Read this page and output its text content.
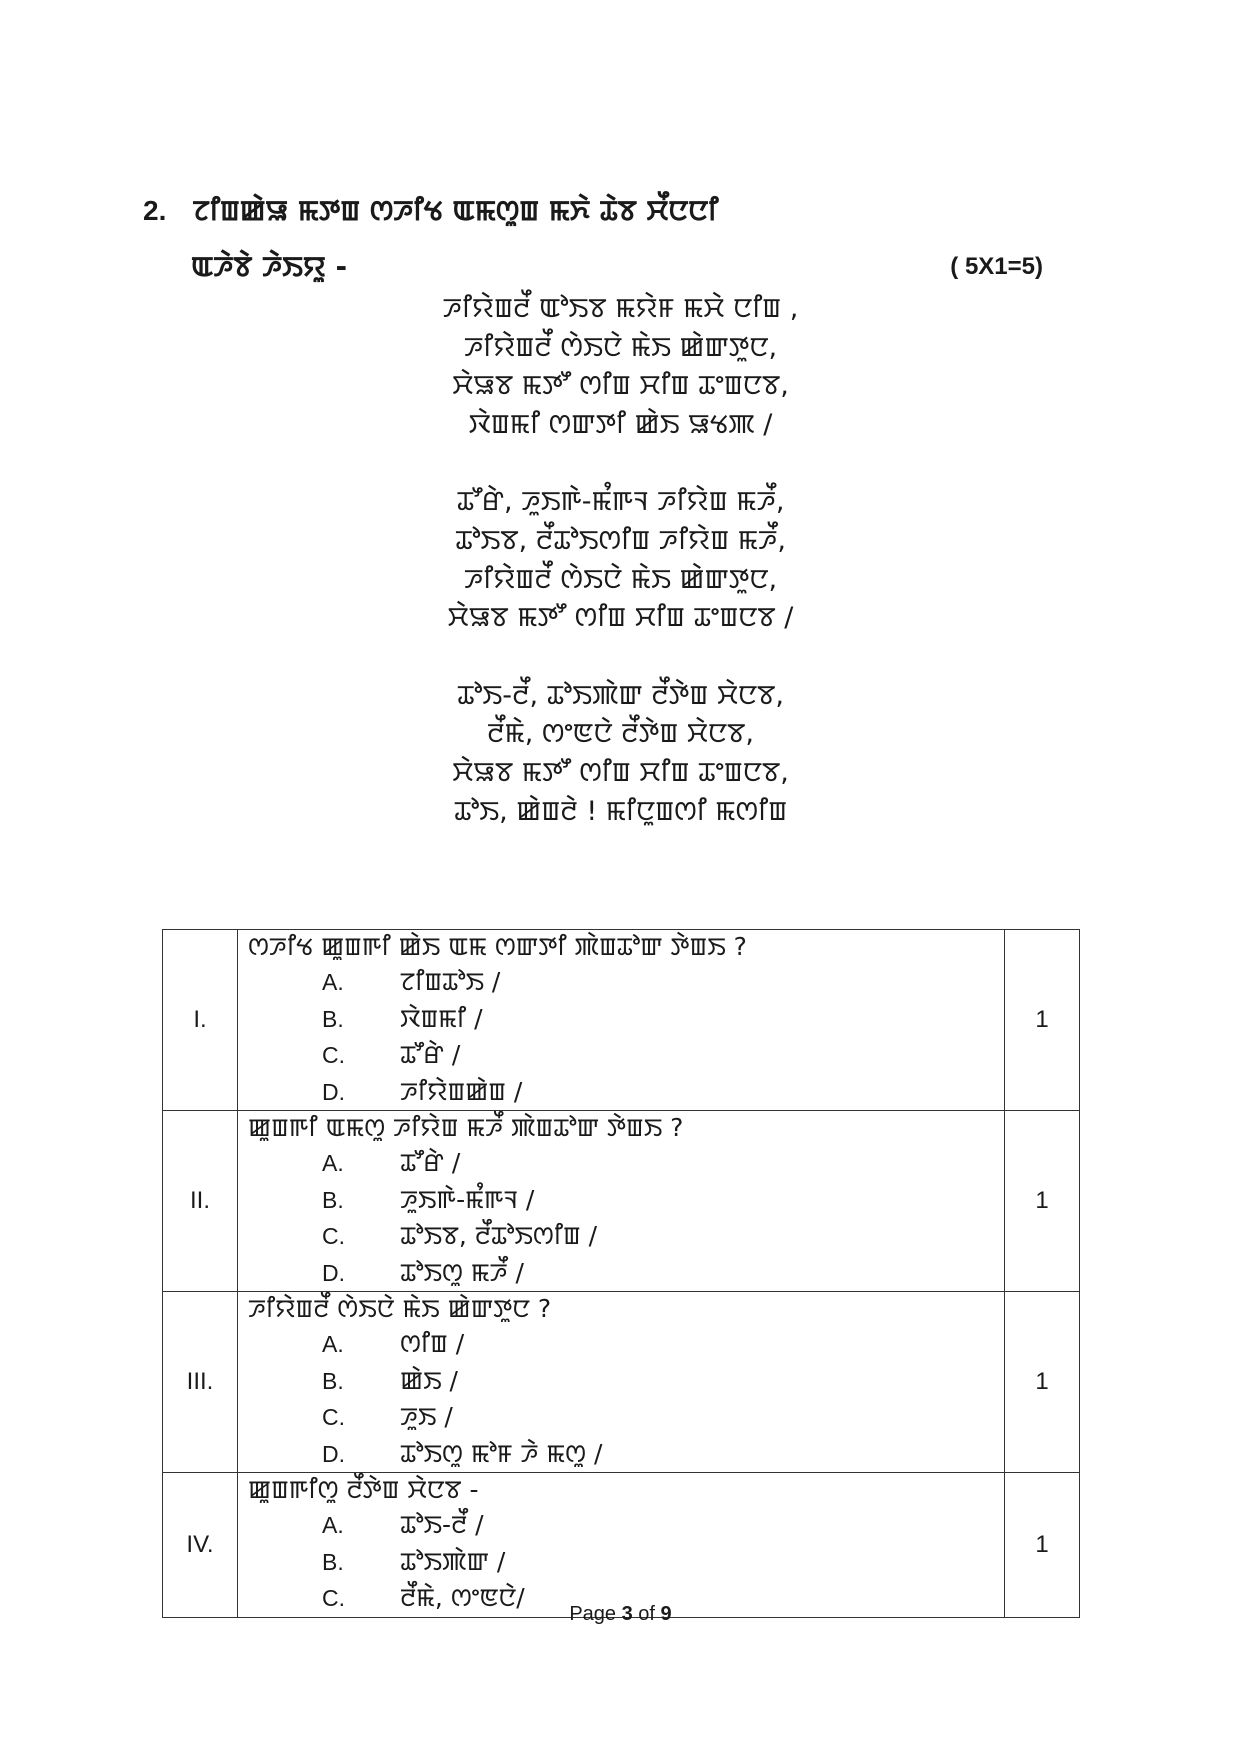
2. ꯖꯤꯡꯀꯥꯎ ꯃꯇꯡ ꯁꯍꯤꯠ ꯑꯃꯁꯨꯡ ꯃꯈꯥ ꯊꯥꯕ ꯆꯩꯅꯅꯤ
ꯑꯍꯥꯕꯥ ꯍꯥꯏꯌꯨ -	( 5X1=5)
ꯍꯤꯌꯥꯡꯂꯩ ꯑꯣꯏꯕ ꯃꯌꯥꯝ ꯃꯆꯥ ꯅꯤꯡ ,
ꯍꯤꯌꯥꯡꯂꯩ ꯁꯥꯏꯅꯥ ꯃꯥꯏ ꯀꯥꯛꯇꯨꯅ,
ꯆꯥꯎꯕ ꯃꯇꯧ ꯁꯤꯡ ꯆꯤꯡ ꯊꯦꯡꯅꯕ,
ꯋꯥꯡꯃꯤ ꯁꯛꯇꯤ ꯀꯥꯏ ꯎꯠꯄ /
ꯊꯧꯔꯥ, ꯍꯨꯏꯒꯥ-ꯃꯪꯒꯜ ꯍꯤꯌꯥꯡ ꯃꯍꯩ,
ꯊꯣꯏꯕ, ꯂꯩꯊꯣꯏꯁꯤꯡ ꯍꯤꯌꯥꯡ ꯃꯍꯩ,
ꯍꯤꯌꯥꯡꯂꯩ ꯁꯥꯏꯅꯥ ꯃꯥꯏ ꯀꯥꯛꯇꯨꯅ,
ꯆꯥꯎꯕ ꯃꯇꯧ ꯁꯤꯡ ꯆꯤꯡ ꯊꯦꯡꯅꯕ /
ꯊꯣꯏ-ꯂꯩ, ꯊꯣꯏꯄꯥꯛ ꯂꯩꯇꯥꯡ ꯆꯥꯅꯕ,
ꯂꯩꯃꯥ, ꯁꯦꯟꯅꯥ ꯂꯩꯇꯥꯡ ꯆꯥꯅꯕ,
ꯆꯥꯎꯕ ꯃꯇꯧ ꯁꯤꯡ ꯆꯤꯡ ꯊꯦꯡꯅꯕ,
ꯊꯣꯏ, ꯀꯥꯡꯂꯥ ! ꯃꯤꯅꯨꯡꯁꯤ ꯃꯁꯤꯡ
I.	ꯁꯍꯤꯠ ꯀꯨꯡꯒꯤ ꯀꯥꯏ ꯑꯃ ꯁꯛꯇꯤ ꯄꯥꯡꯊꯣꯛ ꯇꯥꯡꯏ ?
A. ꯖꯤꯡꯊꯣꯏ /
B. ꯋꯥꯡꯃꯤ /
C. ꯊꯧꯔꯥ /
D. ꯍꯤꯌꯥꯡꯀꯥꯡ /	1
II.	ꯀꯨꯡꯒꯤ ꯑꯃꯁꯨ ꯍꯤꯌꯥꯡ ꯃꯍꯩ ꯄꯥꯡꯊꯣꯛ ꯇꯥꯡꯏ ?
A. ꯊꯧꯔꯥ /
B. ꯍꯨꯏꯒꯥ-ꯃꯪꯒꯜ /
C. ꯊꯣꯏꯕ, ꯂꯩꯊꯣꯏꯁꯤꯡ /
D. ꯊꯣꯏꯁꯨ ꯃꯍꯩ /	1
III.	ꯍꯤꯌꯥꯡꯂꯩ ꯁꯥꯏꯅꯥ ꯃꯥꯏ ꯀꯥꯛꯇꯨꯅ ?
A. ꯁꯤꯡ /
B. ꯀꯥꯏ /
C. ꯍꯨꯏ /
D. ꯊꯣꯏꯁꯨ ꯃꯣꯝ ꯍꯥ ꯃꯁꯨ /	1
IV.	ꯀꯨꯡꯒꯤꯁꯨ ꯂꯩꯇꯥꯡ ꯆꯥꯅꯕ -
A. ꯊꯣꯏ-ꯂꯩ /
B. ꯊꯣꯏꯄꯥꯛ /
C. ꯂꯩꯃꯥ, ꯁꯦꯟꯅꯥ/	1
Page 3 of 9
